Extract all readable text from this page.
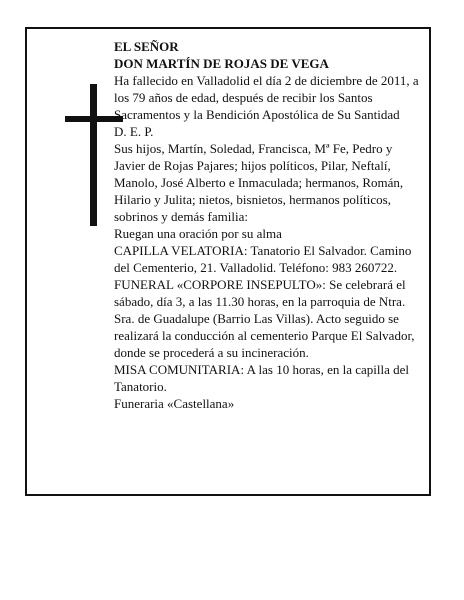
EL SEÑOR

DON MARTÍN DE ROJAS DE VEGA

Ha fallecido en Valladolid el día 2 de diciembre de 2011, a los 79 años de edad, después de recibir los Santos Sacramentos y la Bendición Apostólica de Su Santidad

D. E. P.

Sus hijos, Martín, Soledad, Francisca, Mª Fe, Pedro y Javier de Rojas Pajares; hijos políticos, Pilar, Neftalí, Manolo, José Alberto e Inmaculada; hermanos, Román, Hilario y Julita; nietos, bisnietos, hermanos políticos, sobrinos y demás familia:

Ruegan una oración por su alma

CAPILLA VELATORIA: Tanatorio El Salvador. Camino del Cementerio, 21. Valladolid. Teléfono: 983 260722.

FUNERAL «CORPORE INSEPULTO»: Se celebrará el sábado, día 3, a las 11.30 horas, en la parroquia de Ntra. Sra. de Guadalupe (Barrio Las Villas). Acto seguido se realizará la conducción al cementerio Parque El Salvador, donde se procederá a su incineración.

MISA COMUNITARIA: A las 10 horas, en la capilla del Tanatorio.

Funeraria «Castellana»
